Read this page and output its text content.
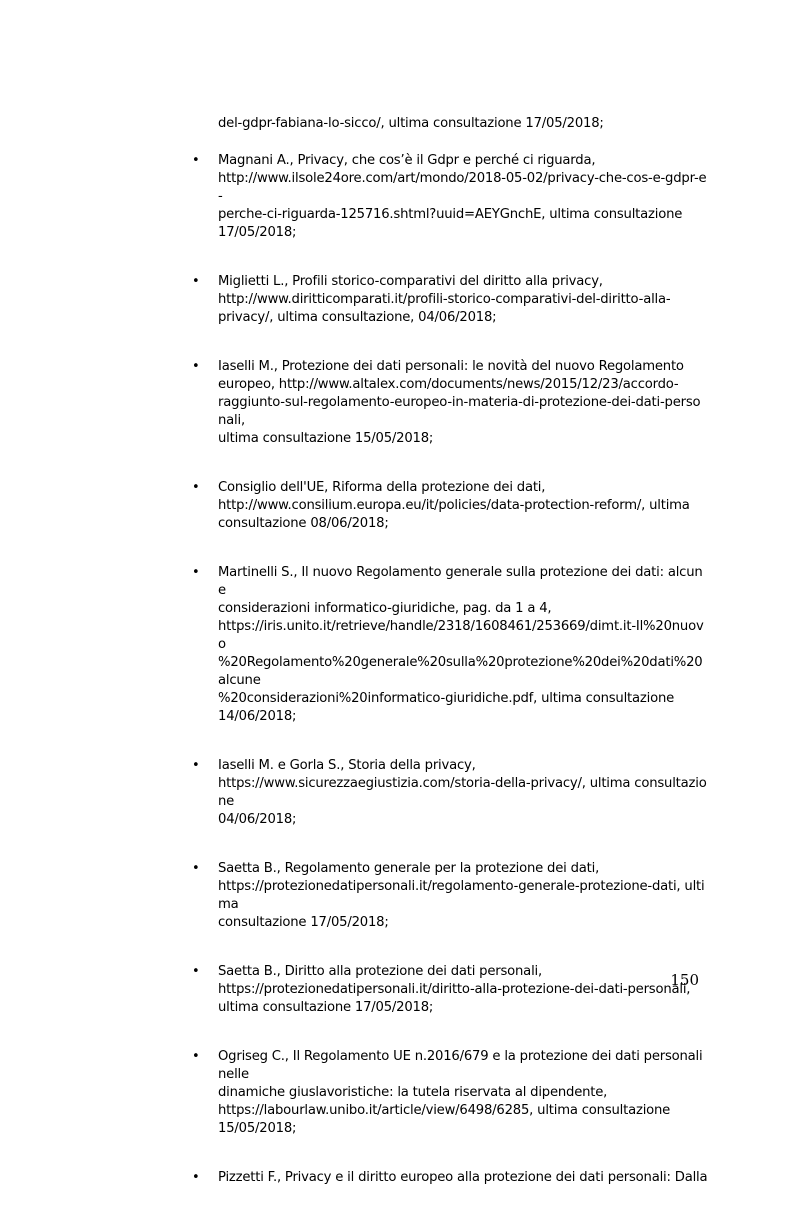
del-gdpr-fabiana-lo-sicco/, ultima consultazione 17/05/2018;
• Magnani A., Privacy, che cos’è il Gdpr e perché ci riguarda,
http://www.ilsole24ore.com/art/mondo/2018-05-02/privacy-che-cos-e-gdpr-e-
perche-ci-riguarda-125716.shtml?uuid=AEYGnchE, ultima consultazione
17/05/2018;
• Miglietti L., Profili storico-comparativi del diritto alla privacy,
http://www.diritticomparati.it/profili-storico-comparativi-del-diritto-alla-
privacy/, ultima consultazione, 04/06/2018;
• Iaselli M., Protezione dei dati personali: le novità del nuovo Regolamento
europeo, http://www.altalex.com/documents/news/2015/12/23/accordo-
raggiunto-sul-regolamento-europeo-in-materia-di-protezione-dei-dati-personali,
ultima consultazione 15/05/2018;
• Consiglio dell'UE, Riforma della protezione dei dati,
http://www.consilium.europa.eu/it/policies/data-protection-reform/, ultima
consultazione 08/06/2018;
• Martinelli S., Il nuovo Regolamento generale sulla protezione dei dati: alcune
considerazioni informatico-giuridiche, pag. da 1 a 4,
https://iris.unito.it/retrieve/handle/2318/1608461/253669/dimt.it-Il%20nuovo
%20Regolamento%20generale%20sulla%20protezione%20dei%20dati%20alcune
%20considerazioni%20informatico-giuridiche.pdf, ultima consultazione
14/06/2018;
• Iaselli M. e Gorla S., Storia della privacy,
https://www.sicurezzaegiustizia.com/storia-della-privacy/, ultima consultazione
04/06/2018;
• Saetta B., Regolamento generale per la protezione dei dati,
https://protezionedatipersonali.it/regolamento-generale-protezione-dati, ultima
consultazione 17/05/2018;
• Saetta B., Diritto alla protezione dei dati personali,
https://protezionedatipersonali.it/diritto-alla-protezione-dei-dati-personali,
ultima consultazione 17/05/2018;
• Ogriseg C., Il Regolamento UE n.2016/679 e la protezione dei dati personali nelle
dinamiche giuslavoristiche: la tutela riservata al dipendente,
https://labourlaw.unibo.it/article/view/6498/6285, ultima consultazione
15/05/2018;
• Pizzetti F., Privacy e il diritto europeo alla protezione dei dati personali: Dalla
150
